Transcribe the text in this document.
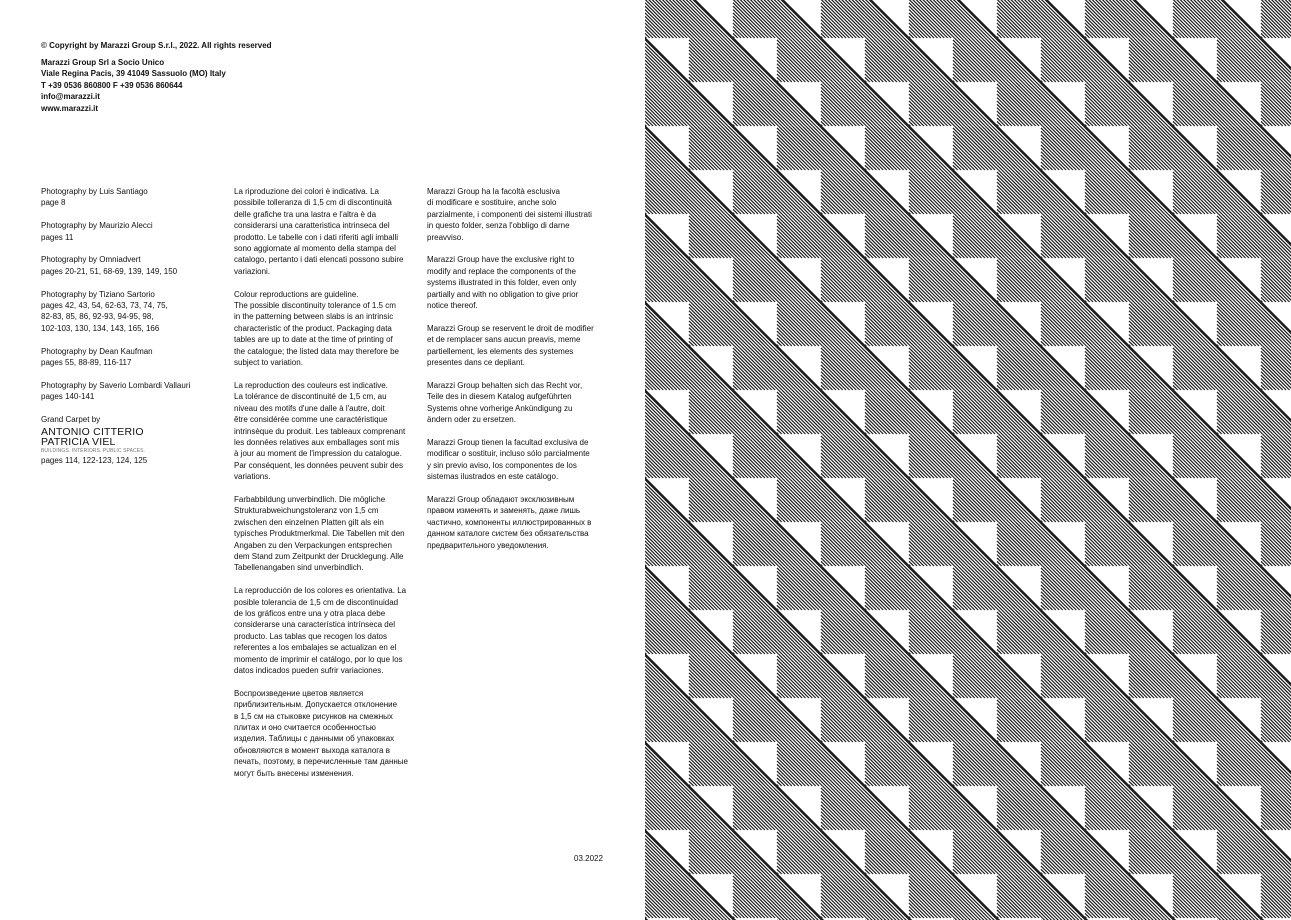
© Copyright by Marazzi Group S.r.l., 2022. All rights reserved
Marazzi Group Srl a Socio Unico
Viale Regina Pacis, 39 41049 Sassuolo (MO) Italy
T +39 0536 860800 F +39 0536 860644
info@marazzi.it
www.marazzi.it
Photography by Luis Santiago
page 8
Photography by Maurizio Alecci
pages 11
Photography by Omniadvert
pages 20-21, 51, 68-69, 139, 149, 150
Photography by Tiziano Sartorio
pages 42, 43, 54, 62-63, 73, 74, 75,
82-83, 85, 86, 92-93, 94-95, 98,
102-103, 130, 134, 143, 165, 166
Photography by Dean Kaufman
pages 55, 88-89, 116-117
Photography by Saverio Lombardi Vallauri
pages 140-141
Grand Carpet by
ANTONIO CITTERIO
PATRICIA VIEL
BUILDINGS. INTERIORS. PUBLIC SPACES.
pages 114, 122-123, 124, 125
La riproduzione dei colori è indicativa. La
possibile tolleranza di 1,5 cm di discontinuità
delle grafiche tra una lastra e l'altra è da
considerarsi una caratteristica intrinseca del
prodotto. Le tabelle con i dati riferiti agli imballi
sono aggiornate al momento della stampa del
catalogo, pertanto i dati elencati possono subire
variazioni.
Colour reproductions are guideline.
The possible discontinuity tolerance of 1.5 cm
in the patterning between slabs is an intrinsic
characteristic of the product. Packaging data
tables are up to date at the time of printing of
the catalogue; the listed data may therefore be
subject to variation.
La reproduction des couleurs est indicative.
La tolérance de discontinuité de 1,5 cm, au
niveau des motifs d'une dalle à l'autre, doit
être considérée comme une caractéristique
intrinsèque du produit. Les tableaux comprenant
les données relatives aux emballages sont mis
à jour au moment de l'impression du catalogue.
Par conséquent, les données peuvent subir des
variations.
Farbabbildung unverbindlich. Die mögliche
Strukturabweichungstoleranz von 1,5 cm
zwischen den einzelnen Platten gilt als ein
typisches Produktmerkmal. Die Tabellen mit den
Angaben zu den Verpackungen entsprechen
dem Stand zum Zeitpunkt der Drucklegung. Alle
Tabellenangaben sind unverbindlich.
La reproducción de los colores es orientativa. La
posible tolerancia de 1,5 cm de discontinuidad
de los gráficos entre una y otra placa debe
considerarse una característica intrínseca del
producto. Las tablas que recogen los datos
referentes a los embalajes se actualizan en el
momento de imprimir el catálogo, por lo que los
datos indicados pueden sufrir variaciones.
Воспроизведение цветов является
приблизительным. Допускается отклонение
в 1,5 см на стыковке рисунков на смежных
плитах и оно считается особенностью
изделия. Таблицы с данными об упаковках
обновляются в момент выхода каталога в
печать, поэтому, в перечисленные там данные
могут быть внесены изменения.
Marazzi Group ha la facoltà esclusiva
di modificare e sostituire, anche solo
parzialmente, i componenti dei sistemi illustrati
in questo folder, senza l'obbligo di darne
preavviso.
Marazzi Group have the exclusive right to
modify and replace the components of the
systems illustrated in this folder, even only
partially and with no obligation to give prior
notice thereof.
Marazzi Group se reservent le droit de modifier
et de remplacer sans aucun preavis, meme
partiellement, les elements des systemes
presentes dans ce depliant.
Marazzi Group behalten sich das Recht vor,
Teile des in diesem Katalog aufgeführten
Systems ohne vorherige Ankündigung zu
ändern oder zu ersetzen.
Marazzi Group tienen la facultad exclusiva de
modificar o sostituir, incluso sólo parcialmente
y sin previo aviso, los componentes de los
sistemas ilustrados en este catálogo.
Marazzi Group обладают эксклюзивным
правом изменять и заменять, даже лишь
частично, компоненты иллюстрированных в
данном каталоге систем без обязательства
предварительного уведомления.
03.2022
